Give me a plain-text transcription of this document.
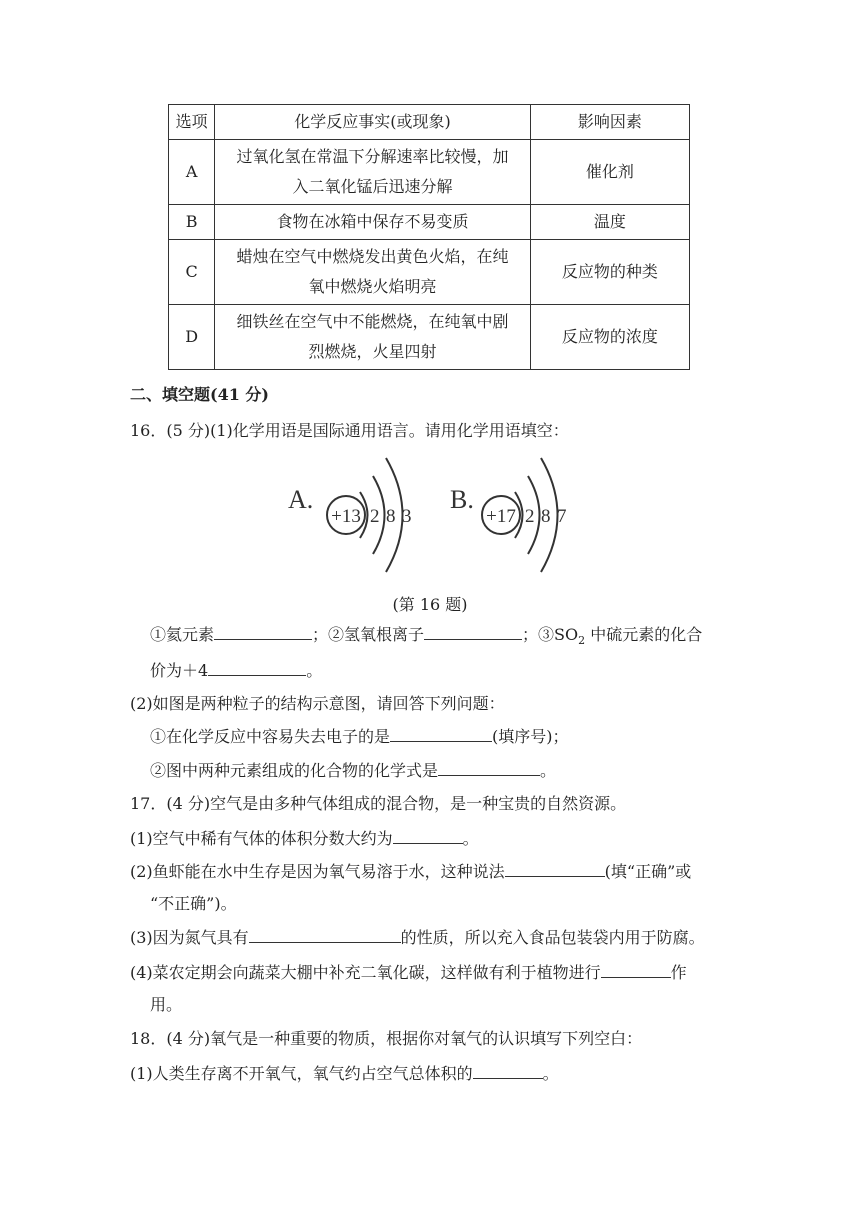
选项	化学反应事实(或现象)	影响因素
A	过氧化氢在常温下分解速率比较慢，加
入二氧化锰后迅速分解	催化剂
B	食物在冰箱中保存不易变质	温度
C	蜡烛在空气中燃烧发出黄色火焰，在纯
氧中燃烧火焰明亮	反应物的种类
D	细铁丝在空气中不能燃烧，在纯氧中剧
烈燃烧，火星四射	反应物的浓度
二、填空题(41 分)
16．(5 分)(1)化学用语是国际通用语言。请用化学用语填空：
A.
+13 2 8 3
B.
+17 2 8 7
(第 16 题)
①氦元素	；②氢氧根离子	；$③SO_2$ 中硫元素的化合
价为＋4	。
(2)如图是两种粒子的结构示意图，请回答下列问题：
①在化学反应中容易失去电子的是	(填序号)；
②图中两种元素组成的化合物的化学式是	。
17．(4 分)空气是由多种气体组成的混合物，是一种宝贵的自然资源。
(1)空气中稀有气体的体积分数大约为	。
(2)鱼虾能在水中生存是因为氧气易溶于水，这种说法	(填“正确”或
“不正确”)。
(3)因为氮气具有	的性质，所以充入食品包装袋内用于防腐。
(4)菜农定期会向蔬菜大棚中补充二氧化碳，这样做有利于植物进行	作
用。
18．(4 分)氧气是一种重要的物质，根据你对氧气的认识填写下列空白：
(1)人类生存离不开氧气，氧气约占空气总体积的	。
